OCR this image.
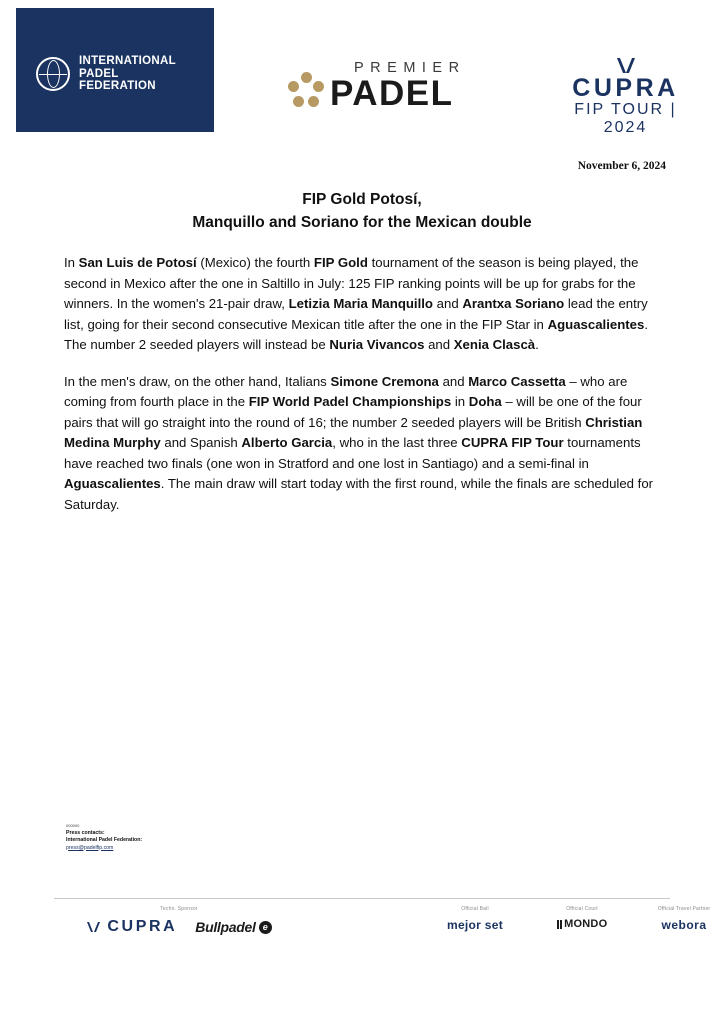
INTERNATIONAL
PADEL
FEDERATION
PREMIER
PADEL	CUPRA
FIP TOUR | 2024
November 6, 2024
FIP Gold Potosí,
Manquillo and Soriano for the Mexican double

In San Luis de Potosí (Mexico) the fourth FIP Gold tournament of the season is being played, the second in Mexico after the one in Saltillo in July: 125 FIP ranking points will be up for grabs for the winners. In the women's 21-pair draw, Letizia Maria Manquillo and Arantxa Soriano lead the entry list, going for their second consecutive Mexican title after the one in the FIP Star in Aguascalientes. The number 2 seeded players will instead be Nuria Vivancos and Xenia Clascà.

In the men's draw, on the other hand, Italians Simone Cremona and Marco Cassetta – who are coming from fourth place in the FIP World Padel Championships in Doha – will be one of the four pairs that will go straight into the round of 16; the number 2 seeded players will be British Christian Medina Murphy and Spanish Alberto Garcia, who in the last three CUPRA FIP Tour tournaments have reached two finals (one won in Stratford and one lost in Santiago) and a semi-final in Aguascalientes. The main draw will start today with the first round, while the finals are scheduled for Saturday.

000000
Press contacts:
International Padel Federation:
press@padelfip.com
Techn. Sponsor
CUPRA Bullpadel e
Official Ball
mejor set
Official Court
MONDO
Official Travel Partner
webora
